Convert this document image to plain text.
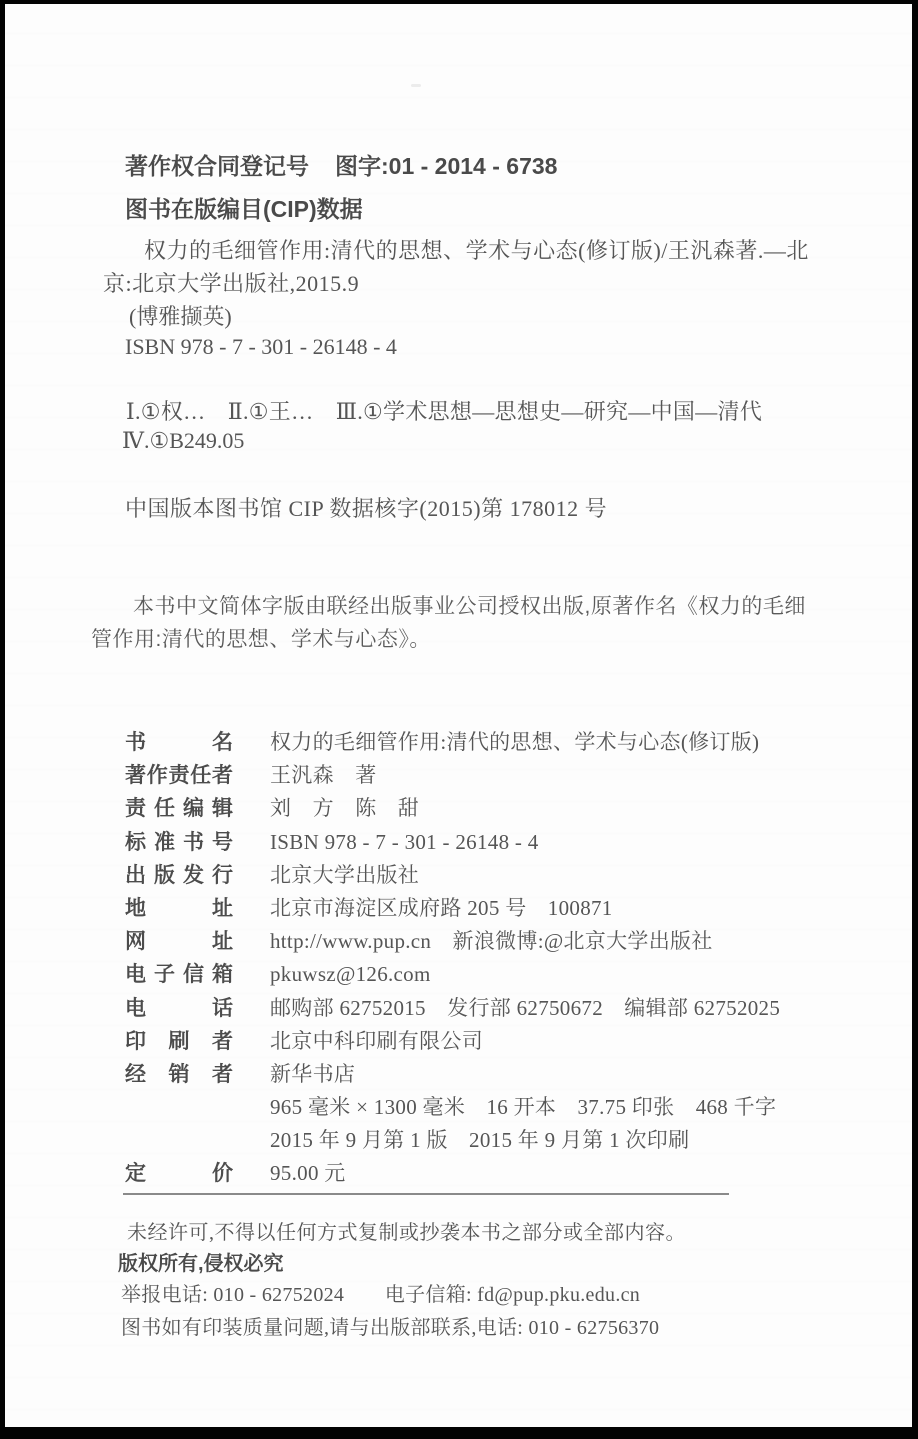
著作权合同登记号 图字:01 - 2014 - 6738
图书在版编目(CIP)数据
权力的毛细管作用:清代的思想、学术与心态(修订版)/王汎森著.—北
京:北京大学出版社,2015.9
(博雅撷英)
ISBN 978 - 7 - 301 - 26148 - 4
Ⅰ.①权…　Ⅱ.①王…　Ⅲ.①学术思想—思想史—研究—中国—清代
Ⅳ.①B249.05
中国版本图书馆 CIP 数据核字(2015)第 178012 号
本书中文简体字版由联经出版事业公司授权出版,原著作名《权力的毛细管作用:清代的思想、学术与心态》。
书名 权力的毛细管作用:清代的思想、学术与心态(修订版)
著作责任者 王汎森　著
责任编辑 刘　方　陈　甜
标准书号 ISBN 978 - 7 - 301 - 26148 - 4
出版发行 北京大学出版社
地址 北京市海淀区成府路 205 号　100871
网址 http://www.pup.cn　新浪微博:@北京大学出版社
电子信箱 pkuwsz@126.com
电话 邮购部 62752015　发行部 62750672　编辑部 62752025
印刷者 北京中科印刷有限公司
经销者 新华书店
965 毫米 × 1300 毫米　16 开本　37.75 印张　468 千字
2015 年 9 月第 1 版　2015 年 9 月第 1 次印刷
定价 95.00 元
未经许可,不得以任何方式复制或抄袭本书之部分或全部内容。
版权所有,侵权必究
举报电话: 010 - 62752024　　电子信箱: fd@pup.pku.edu.cn
图书如有印装质量问题,请与出版部联系,电话: 010 - 62756370
